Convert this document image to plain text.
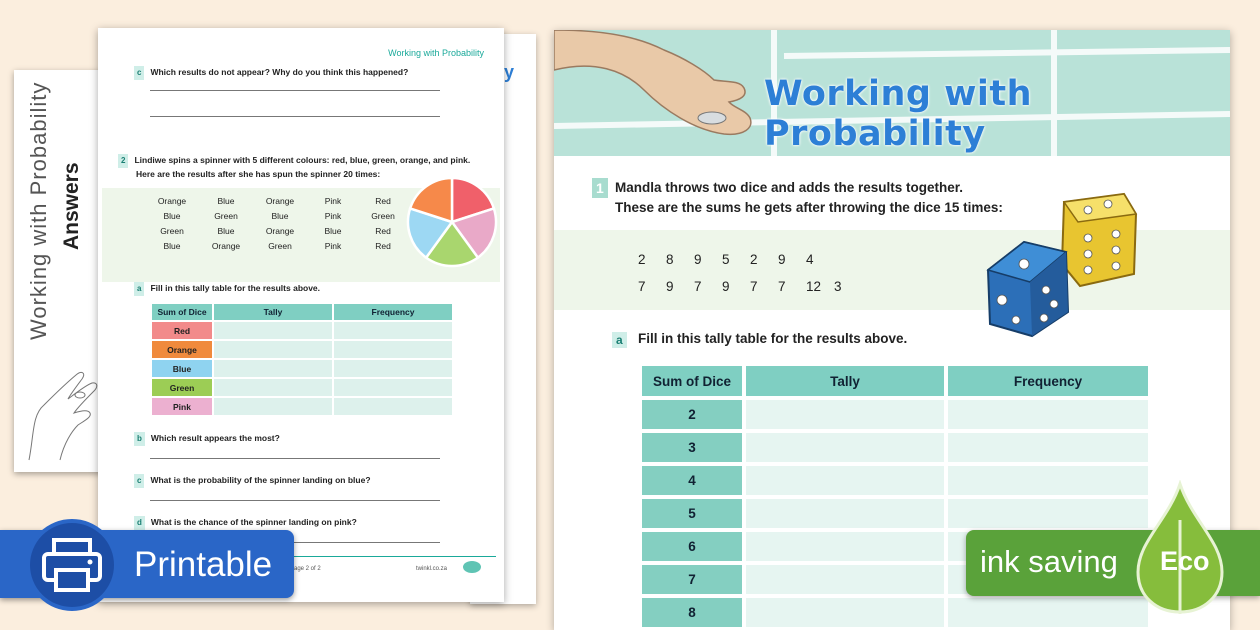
Working with Probability Answers
y
Working with Probability
c Which results do not appear? Why do you think this happened?
2 Lindiwe spins a spinner with 5 different colours: red, blue, green, orange, and pink.
Here are the results after she has spun the spinner 20 times:
Orange	Blue	Orange	Pink	Red
Blue	Green	Blue	Pink	Green
Green	Blue	Orange	Blue	Red
Blue	Orange	Green	Pink	Red
a Fill in this tally table for the results above.
Sum of Dice	Tally	Frequency
Red		
Orange		
Blue		
Green		
Pink		
b Which result appears the most?
c What is the probability of the spinner landing on blue?
d What is the chance of the spinner landing on pink?
age 2 of 2	twinkl.co.za
Working with Probability
1 Mandla throws two dice and adds the results together.
These are the sums he gets after throwing the dice 15 times:
2 8 9 5 2 9 4
7 9 7 9 7 7 12 3
a Fill in this tally table for the results above.
Sum of Dice	Tally	Frequency
2		
3		
4		
5		
6		
7		
8		
Printable	ink saving Eco
